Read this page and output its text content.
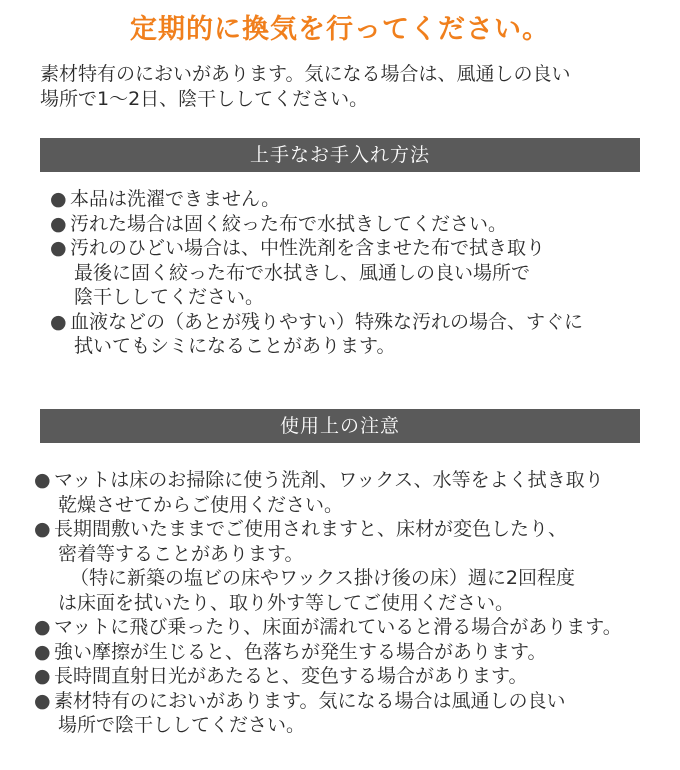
定期的に換気を行ってください。
素材特有のにおいがあります。気になる場合は、風通しの良い
場所で1～2日、陰干ししてください。
上手なお手入れ方法
● 本品は洗濯できません。
● 汚れた場合は固く絞った布で水拭きしてください。
● 汚れのひどい場合は、中性洗剤を含ませた布で拭き取り
最後に固く絞った布で水拭きし、風通しの良い場所で
陰干ししてください。
● 血液などの（あとが残りやすい）特殊な汚れの場合、すぐに
拭いてもシミになることがあります。
使用上の注意
● マットは床のお掃除に使う洗剤、ワックス、水等をよく拭き取り
乾燥させてからご使用ください。
● 長期間敷いたままでご使用されますと、床材が変色したり、
密着等することがあります。
（特に新築の塩ビの床やワックス掛け後の床）週に2回程度
は床面を拭いたり、取り外す等してご使用ください。
● マットに飛び乗ったり、床面が濡れていると滑る場合があります。
● 強い摩擦が生じると、色落ちが発生する場合があります。
● 長時間直射日光があたると、変色する場合があります。
● 素材特有のにおいがあります。気になる場合は風通しの良い
場所で陰干ししてください。
